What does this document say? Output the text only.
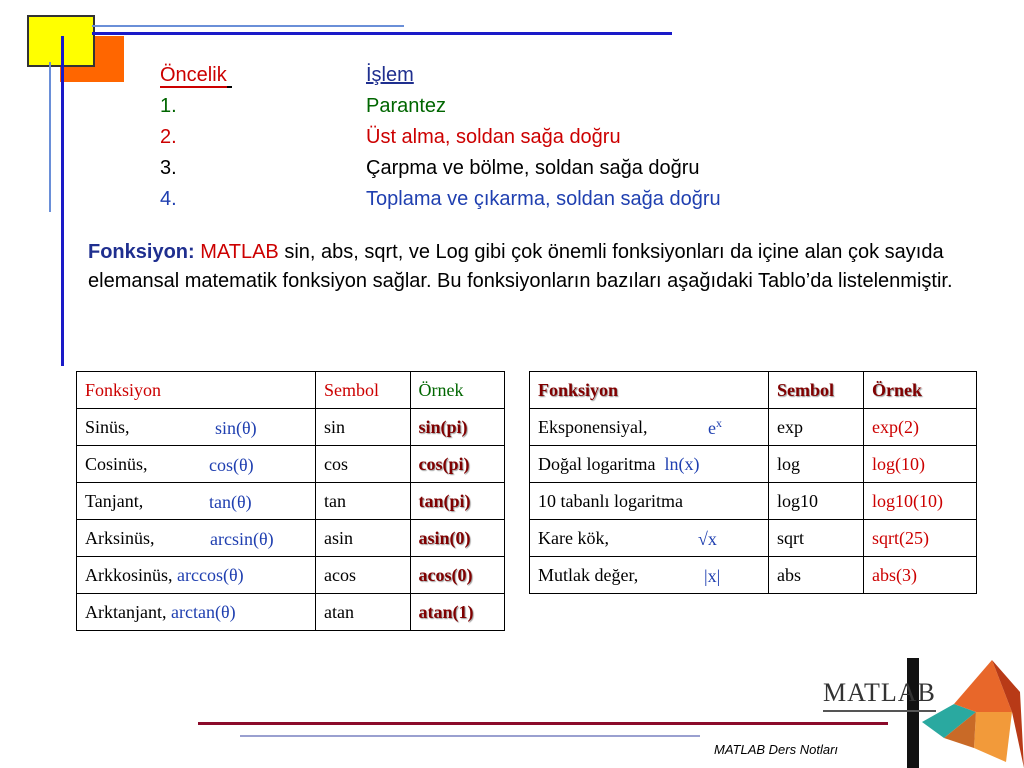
Öncelik	İşlem
1.	Parantez
2.	Üst alma, soldan sağa doğru
3.	Çarpma ve bölme, soldan sağa doğru
4.	Toplama ve çıkarma, soldan sağa doğru
Fonksiyon: MATLAB sin, abs, sqrt, ve Log gibi çok önemli fonksiyonları da içine alan çok sayıda elemansal matematik fonksiyon sağlar. Bu fonksiyonların bazıları aşağıdaki Tablo’da listelenmiştir.
Fonksiyon	Sembol	Örnek
Sinüs, sin(θ)	sin	sin(pi)
Cosinüs, cos(θ)	cos	cos(pi)
Tanjant, tan(θ)	tan	tan(pi)
Arksinüs, arcsin(θ)	asin	asin(0)
Arkkosinüs, arccos(θ)	acos	acos(0)
Arktanjant, arctan(θ)	atan	atan(1)
Fonksiyon	Sembol	Örnek
Eksponensiyal, $e^x$	exp	exp(2)
Doğal logaritma ln(x)	log	log(10)
10 tabanlı logaritma	log10	log10(10)
Kare kök, √x	sqrt	sqrt(25)
Mutlak değer, |x|	abs	abs(3)
MATLAB
MATLAB Ders Notları
